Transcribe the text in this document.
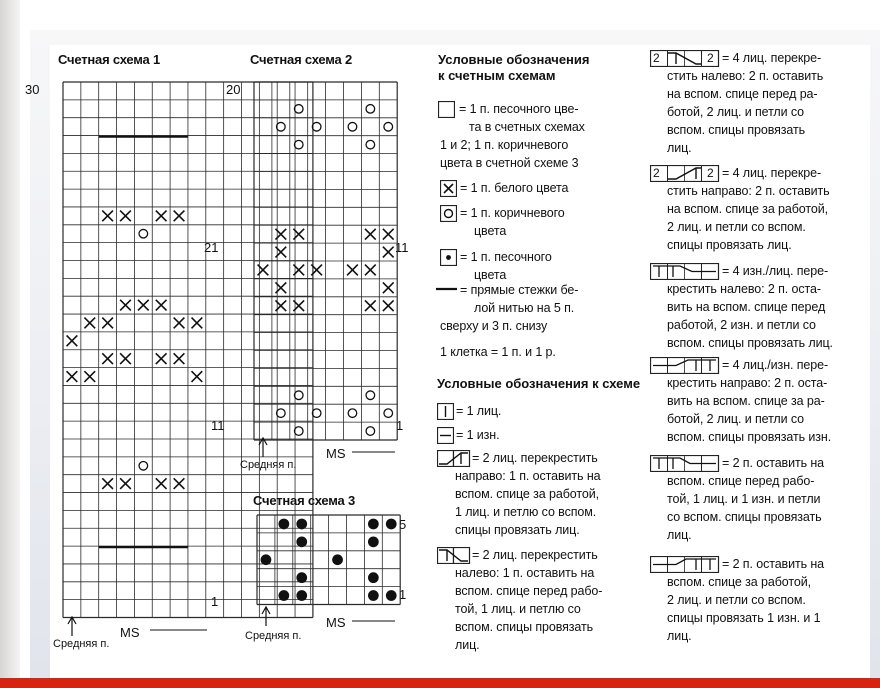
Счетная схема 1
30
21
11
1
MS
Средняя п.
Счетная схема 2
20
11
1
MS
Средняя п.
Счетная схема 3
5
1
MS
Средняя п.
Условные обозначения
к счетным схемам
= 1 п. песочного цве-
та в счетных схемах
1 и 2; 1 п. коричневого
цвета в счетной схеме 3
= 1 п. белого цвета
= 1 п. коричневого
цвета
= 1 п. песочного
цвета
= прямые стежки бе-
лой нитью на 5 п.
сверху и 3 п. снизу
1 клетка = 1 п. и 1 р.
Условные обозначения к схеме
= 1 лиц.
= 1 изн.
= 2 лиц. перекрестить
направо: 1 п. оставить на
вспом. спице за работой,
1 лиц. и петлю со вспом.
спицы провязать лиц.
= 2 лиц. перекрестить
налево: 1 п. оставить на
вспом. спице перед рабо-
той, 1 лиц. и петлю со
вспом. спицы провязать
лиц.
2	2 = 4 лиц. перекре-
стить налево: 2 п. оставить
на вспом. спице перед ра-
ботой, 2 лиц. и петли со
вспом. спицы провязать
лиц.
2	2 = 4 лиц. перекре-
стить направо: 2 п. оставить
на вспом. спице за работой,
2 лиц. и петли со вспом.
спицы провязать лиц.
= 4 изн./лиц. пере-
крестить налево: 2 п. оста-
вить на вспом. спице перед
работой, 2 изн. и петли со
вспом. спицы провязать лиц.
= 4 лиц./изн. пере-
крестить направо: 2 п. оста-
вить на вспом. спице за ра-
ботой, 2 лиц. и петли со
вспом. спицы провязать изн.
= 2 п. оставить на
вспом. спице перед рабо-
той, 1 лиц. и 1 изн. и петли
со вспом. спицы провязать
лиц.
= 2 п. оставить на
вспом. спице за работой,
2 лиц. и петли со вспом.
спицы провязать 1 изн. и 1
лиц.
